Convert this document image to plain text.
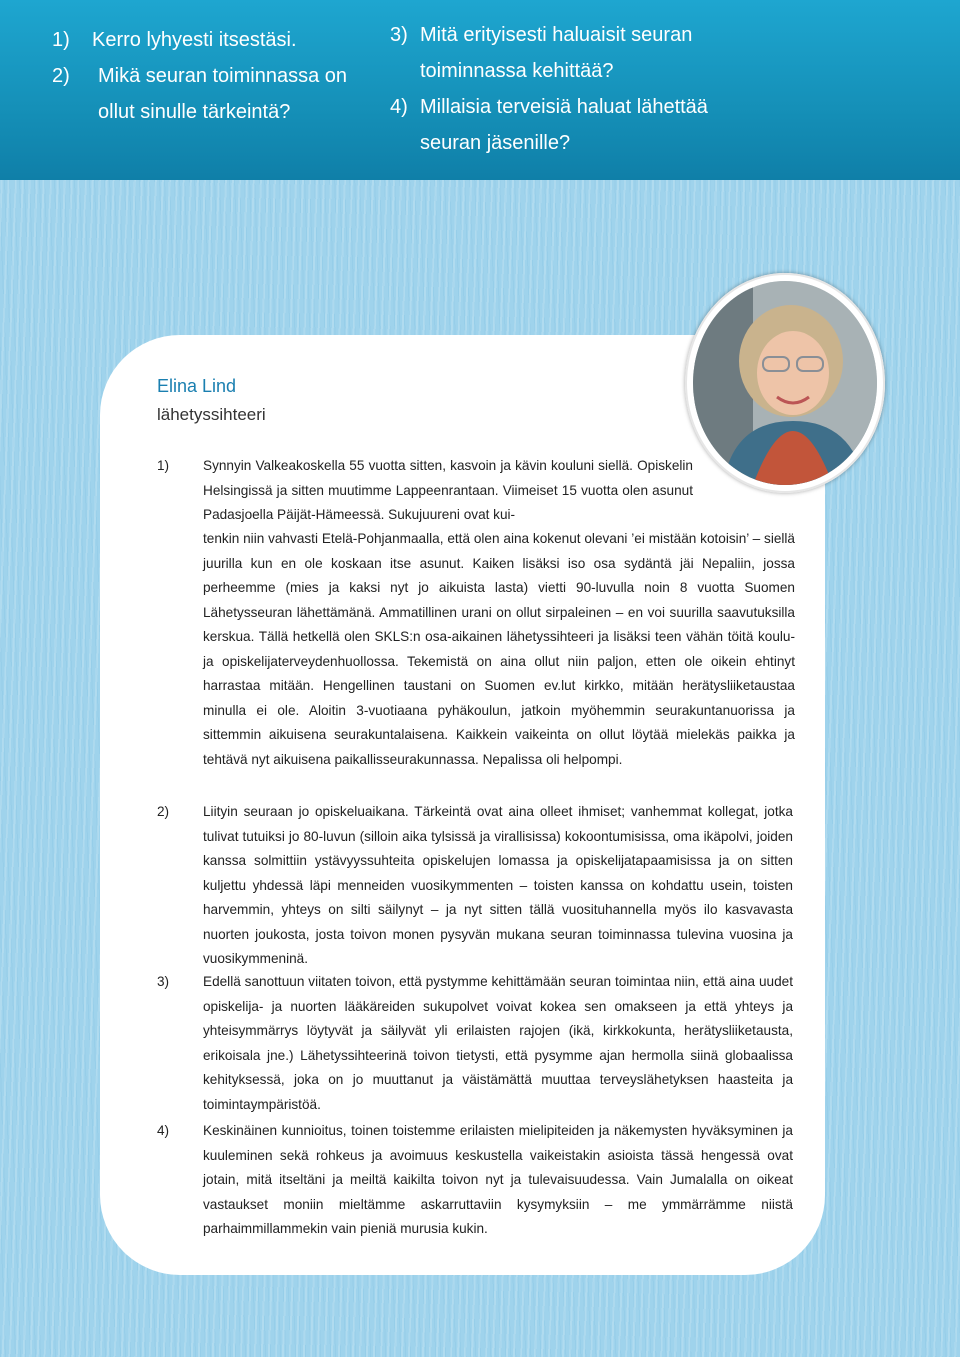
1) Kerro lyhyesti itsestäsi.
2) Mikä seuran toiminnassa on ollut sinulle tärkeintä?
3) Mitä erityisesti haluaisit seuran toiminnassa kehittää?
4) Millaisia terveisiä haluat lähettää seuran jäsenille?
Elina Lind
lähetyssihteeri
1)	Synnyin Valkeakoskella 55 vuotta sitten, kasvoin ja kävin kouluni siellä. Opiskelin Helsingissä ja sitten muutimme Lappeenrantaan. Viimeiset 15 vuotta olen asunut Padasjoella Päijät-Hämeessä. Sukujuureni ovat kui-
tenkin niin vahvasti Etelä-Pohjanmaalla, että olen aina kokenut olevani ’ei mistään kotoisin’ – siellä juurilla kun en ole koskaan itse asunut. Kaiken lisäksi iso osa sydäntä jäi Nepaliin, jossa perheemme (mies ja kaksi nyt jo aikuista lasta) vietti 90-luvulla noin 8 vuotta Suomen Lähetysseuran lähettämänä. Ammatillinen urani on ollut sirpaleinen – en voi suurilla saavutuksilla kerskua. Tällä hetkellä olen SKLS:n osa-aikainen lähetyssihteeri ja lisäksi teen vähän töitä koulu-ja opiskelijaterveydenhuollossa. Tekemistä on aina ollut niin paljon, etten ole oikein ehtinyt harrastaa mitään. Hengellinen taustani on Suomen ev.lut kirkko, mitään herätysliiketaustaa minulla ei ole. Aloitin 3-vuotiaana pyhäkoulun, jatkoin myöhemmin seurakuntanuorissa ja sittemmin aikuisena seurakuntalaisena. Kaikkein vaikeinta on ollut löytää mielekäs paikka ja tehtävä nyt aikuisena paikallisseurakunnassa. Nepalissa oli helpompi.
2)	Liityin seuraan jo opiskeluaikana. Tärkeintä ovat aina olleet ihmiset; vanhemmat kollegat, jotka tulivat tutuiksi jo 80-luvun (silloin aika tylsissä ja virallisissa) kokoontumisissa, oma ikäpolvi, joiden kanssa solmittiin ystävyyssuhteita opiskelujen lomassa ja opiskelijatapaamisissa ja on sitten kuljettu yhdessä läpi menneiden vuosikymmenten – toisten kanssa on kohdattu usein, toisten harvemmin, yhteys on silti säilynyt – ja nyt sitten tällä vuosituhannella myös ilo kasvavasta nuorten joukosta, josta toivon monen pysyvän mukana seuran toiminnassa tulevina vuosina ja vuosikymmeninä.
3)	Edellä sanottuun viitaten toivon, että pystymme kehittämään seuran toimintaa niin, että aina uudet opiskelija- ja nuorten lääkäreiden sukupolvet voivat kokea sen omakseen ja että yhteys ja yhteisymmärrys löytyvät ja säilyvät yli erilaisten rajojen (ikä, kirkkokunta, herätysliiketausta, erikoisala jne.) Lähetyssihteerinä toivon tietysti, että pysymme ajan hermolla siinä globaalissa kehityksessä, joka on jo muuttanut ja väistämättä muuttaa terveyslähetyksen haasteita ja toimintaympäristöä.
4)	Keskinäinen kunnioitus, toinen toistemme erilaisten mielipiteiden ja näkemysten hyväksyminen ja kuuleminen sekä rohkeus ja avoimuus keskustella vaikeistakin asioista tässä hengessä ovat jotain, mitä itseltäni ja meiltä kaikilta toivon nyt ja tulevaisuudessa. Vain Jumalalla on oikeat vastaukset moniin mieltämme askarruttaviin kysymyksiin – me ymmärrämme niistä parhaimmillammekin vain pieniä murusia kukin.
